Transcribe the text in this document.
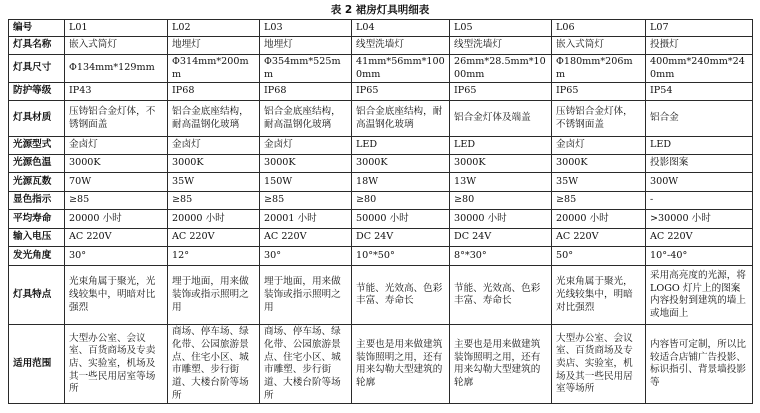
表 2 裙房灯具明细表
编号	L01	L02	L03	L04	L05	L06	L07
灯具名称	嵌入式筒灯	地埋灯	地埋灯	线型洗墙灯	线型洗墙灯	嵌入式筒灯	投摄灯
灯具尺寸	Φ134mm*129mm	Φ314mm*200mm	Φ354mm*525mm	41mm*56mm*1000mm	26mm*28.5mm*1000mm	Φ180mm*206mm	400mm*240mm*240mm
防护等级	IP43	IP68	IP68	IP65	IP65	IP65	IP54
灯具材质	压铸铝合金灯体，不锈钢面盖	铝合金底座结构，耐高温钢化玻璃	铝合金底座结构，耐高温钢化玻璃	铝合金底座结构，耐高温钢化玻璃	铝合金灯体及端盖	压铸铝合金灯体，不锈钢面盖	铝合金
光源型式	金卤灯	金卤灯	金卤灯	LED	LED	金卤灯	LED
光源色温	3000K	3000K	3000K	3000K	3000K	3000K	投影图案
光源瓦数	70W	35W	150W	18W	13W	35W	300W
显色指示	≥85	≥85	≥85	≥80	≥80	≥85	-
平均寿命	20000 小时	20000 小时	20001 小时	50000 小时	30000 小时	20000 小时	>30000 小时
输入电压	AC 220V	AC 220V	AC 220V	DC 24V	DC 24V	AC 220V	AC 220V
发光角度	30°	12°	30°	10°*50°	8°*30°	50°	10°-40°
灯具特点	光束角属于聚光，光线较集中，明暗对比强烈	埋于地面，用来做装饰或指示照明之用	埋于地面，用来做装饰或指示照明之用	节能、光效高、色彩丰富、寿命长	节能、光效高、色彩丰富、寿命长	光束角属于聚光，光线较集中，明暗对比强烈	采用高亮度的光源，将 LOGO 灯片上的图案内容投射到建筑的墙上或地面上
适用范围	大型办公室、会议室、百货商场及专卖店、实验室，机场及其一些民用居室等场所	商场、停车场、绿化带、公园旅游景点、住宅小区、城市雕塑、步行街道、大楼台阶等场所	商场、停车场、绿化带、公园旅游景点、住宅小区、城市雕塑、步行街道、大楼台阶等场所	主要也是用来做建筑装饰照明之用，还有用来勾勒大型建筑的轮廓	主要也是用来做建筑装饰照明之用，还有用来勾勒大型建筑的轮廓	大型办公室、会议室、百货商场及专卖店、实验室，机场及其一些民用居室等场所	内容皆可定制，所以比较适合店铺广告投影、标识指引、背景墙投影等
